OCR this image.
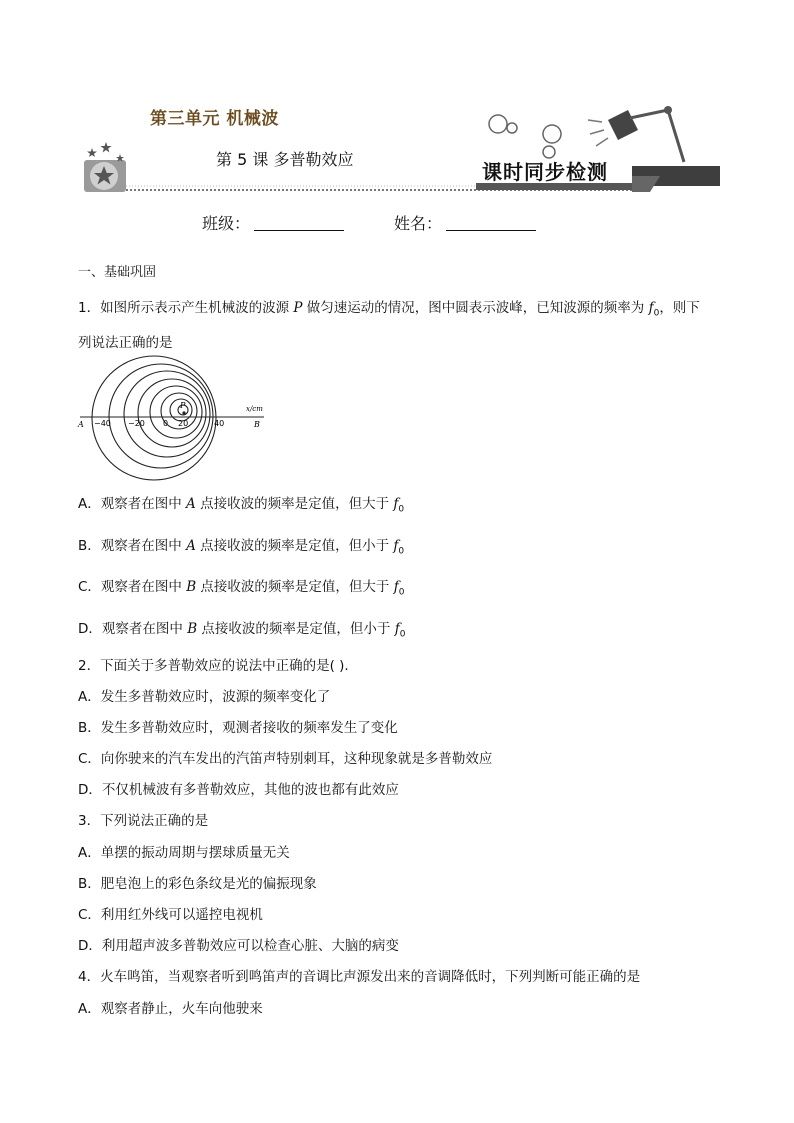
第三单元 机械波
第 5 课 多普勒效应
课时同步检测
班级：	姓名：
一、基础巩固
1．如图所示表示产生机械波的波源 P 做匀速运动的情况，图中圆表示波峰，已知波源的频率为 $f_0$，则下
列说法正确的是
P	x/cm
A	B
−40 −20 0 20	40
A．观察者在图中 A 点接收波的频率是定值，但大于 $f_0$
B．观察者在图中 A 点接收波的频率是定值，但小于 $f_0$
C．观察者在图中 B 点接收波的频率是定值，但大于 $f_0$
D．观察者在图中 B 点接收波的频率是定值，但小于 $f_0$
2．下面关于多普勒效应的说法中正确的是( ).
A．发生多普勒效应时，波源的频率变化了
B．发生多普勒效应时，观测者接收的频率发生了变化
C．向你驶来的汽车发出的汽笛声特别刺耳，这种现象就是多普勒效应
D．不仅机械波有多普勒效应，其他的波也都有此效应
3．下列说法正确的是
A．单摆的振动周期与摆球质量无关
B．肥皂泡上的彩色条纹是光的偏振现象
C．利用红外线可以遥控电视机
D．利用超声波多普勒效应可以检查心脏、大脑的病变
4．火车鸣笛，当观察者听到鸣笛声的音调比声源发出来的音调降低时，下列判断可能正确的是
A．观察者静止，火车向他驶来
